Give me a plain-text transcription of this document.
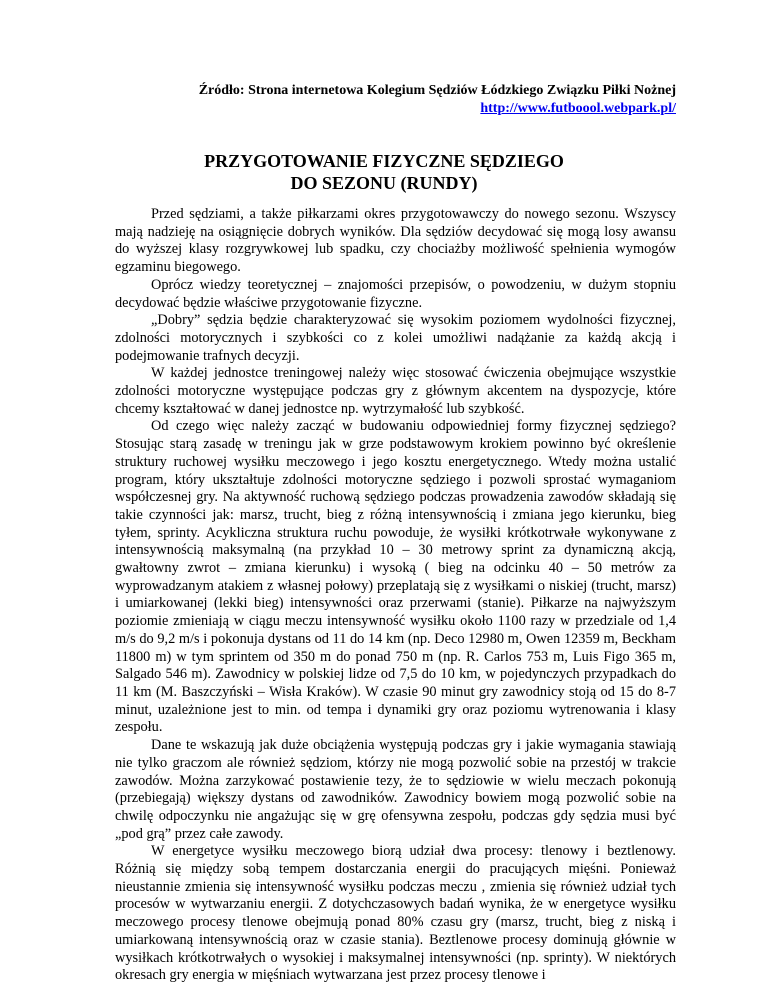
Źródło: Strona internetowa Kolegium Sędziów Łódzkiego Związku Piłki Nożnej
http://www.futboool.webpark.pl/
PRZYGOTOWANIE FIZYCZNE SĘDZIEGO
DO SEZONU (RUNDY)

Przed sędziami, a także piłkarzami okres przygotowawczy do nowego sezonu. Wszyscy mają nadzieję na osiągnięcie dobrych wyników. Dla sędziów decydować się mogą losy awansu do wyższej klasy rozgrywkowej lub spadku, czy chociażby możliwość spełnienia wymogów egzaminu biegowego.

Oprócz wiedzy teoretycznej – znajomości przepisów, o powodzeniu, w dużym stopniu decydować będzie właściwe przygotowanie fizyczne.

„Dobry” sędzia będzie charakteryzować się wysokim poziomem wydolności fizycznej, zdolności motorycznych i szybkości co z kolei umożliwi nadążanie za każdą akcją i podejmowanie trafnych decyzji.

W każdej jednostce treningowej należy więc stosować ćwiczenia obejmujące wszystkie zdolności motoryczne występujące podczas gry z głównym akcentem na dyspozycje, które chcemy kształtować w danej jednostce np. wytrzymałość lub szybkość.

Od czego więc należy zacząć w budowaniu odpowiedniej formy fizycznej sędziego? Stosując starą zasadę w treningu jak w grze podstawowym krokiem powinno być określenie struktury ruchowej wysiłku meczowego i jego kosztu energetycznego. Wtedy można ustalić program, który ukształtuje zdolności motoryczne sędziego i pozwoli sprostać wymaganiom współczesnej gry. Na aktywność ruchową sędziego podczas prowadzenia zawodów składają się takie czynności jak: marsz, trucht, bieg z różną intensywnością i zmiana jego kierunku, bieg tyłem, sprinty. Acykliczna struktura ruchu powoduje, że wysiłki krótkotrwałe wykonywane z intensywnością maksymalną (na przykład 10 – 30 metrowy sprint za dynamiczną akcją, gwałtowny zwrot – zmiana kierunku) i wysoką ( bieg na odcinku 40 – 50 metrów za wyprowadzanym atakiem z własnej połowy) przeplatają się z wysiłkami o niskiej (trucht, marsz) i umiarkowanej (lekki bieg) intensywności oraz przerwami (stanie). Piłkarze na najwyższym poziomie zmieniają w ciągu meczu intensywność wysiłku około 1100 razy w przedziale od 1,4 m/s do 9,2 m/s i pokonuja dystans od 11 do 14 km (np. Deco 12980 m, Owen 12359 m, Beckham 11800 m) w tym sprintem od 350 m do ponad 750 m (np. R. Carlos 753 m, Luis Figo 365 m, Salgado 546 m). Zawodnicy w polskiej lidze od 7,5 do 10 km, w pojedynczych przypadkach do 11 km (M. Baszczyński – Wisła Kraków). W czasie 90 minut gry zawodnicy stoją od 15 do 8-7 minut, uzależnione jest to min. od tempa i dynamiki gry oraz poziomu wytrenowania i klasy zespołu.

Dane te wskazują jak duże obciążenia występują podczas gry i jakie wymagania stawiają nie tylko graczom ale również sędziom, którzy nie mogą pozwolić sobie na przestój w trakcie zawodów. Można zarzykować postawienie tezy, że to sędziowie w wielu meczach pokonują (przebiegają) większy dystans od zawodników. Zawodnicy bowiem mogą pozwolić sobie na chwilę odpoczynku nie angażując się w grę ofensywna zespołu, podczas gdy sędzia musi być „pod grą” przez całe zawody.

W energetyce wysiłku meczowego biorą udział dwa procesy: tlenowy i beztlenowy. Różnią się między sobą tempem dostarczania energii do pracujących mięśni. Ponieważ nieustannie zmienia się intensywność wysiłku podczas meczu , zmienia się również udział tych procesów w wytwarzaniu energii. Z dotychczasowych badań wynika, że w energetyce wysiłku meczowego procesy tlenowe obejmują ponad 80% czasu gry (marsz, trucht, bieg z niską i umiarkowaną intensywnością oraz w czasie stania). Beztlenowe procesy dominują głównie w wysiłkach krótkotrwałych o wysokiej i maksymalnej intensywności (np. sprinty). W niektórych okresach gry energia w mięśniach wytwarzana jest przez procesy tlenowe i
